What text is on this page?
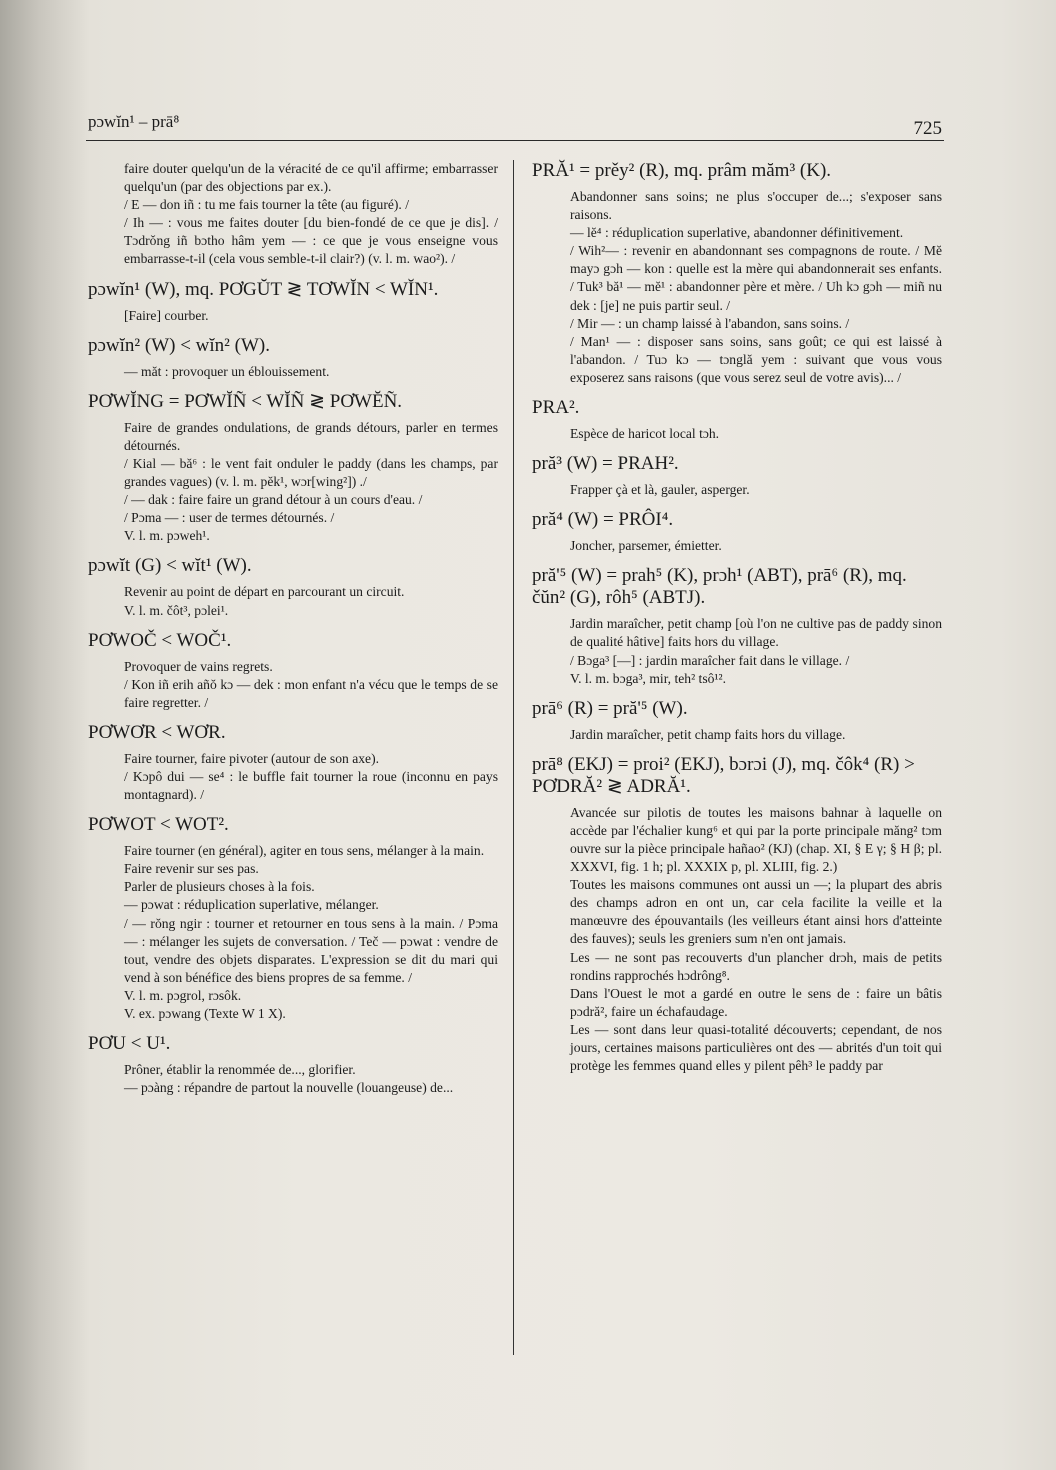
pɔwĭn¹ – prā⁸	725

faire douter quelqu'un de la véracité de ce qu'il affirme; embarrasser quelqu'un (par des objections par ex.).

/ E — don iñ : tu me fais tourner la tête (au figuré). /

/ Ih — : vous me faites douter [du bien-fondé de ce que je dis]. / Tɔdrǒng iñ bɔtho hâm yem — : ce que je vous enseigne vous embarrasse-t-il (cela vous semble-t-il clair?) (v. l. m. wao²). /

pɔwĭn¹ (W), mq. PƠGŬT ≷ TƠWĬN < WĬN¹.

[Faire] courber.

pɔwĭn² (W) < wĭn² (W).

— măt : provoquer un éblouissement.

PƠWĬNG = PƠWĬÑ < WĬÑ ≷ PƠWĔÑ.

Faire de grandes ondulations, de grands détours, parler en termes détournés.

/ Kial — bă⁶ : le vent fait onduler le paddy (dans les champs, par grandes vagues) (v. l. m. pĕk¹, wɔr[wing²]) ./

/ — dak : faire faire un grand détour à un cours d'eau. /

/ Pɔma — : user de termes détournés. /

V. l. m. pɔweh¹.

pɔwĭt (G) < wĭt¹ (W).

Revenir au point de départ en parcourant un circuit.

V. l. m. čôt³, pɔlei¹.

PƠWOČ < WOČ¹.

Provoquer de vains regrets.

/ Kon iñ erih añŏ kɔ — dek : mon enfant n'a vécu que le temps de se faire regretter. /

PƠWƠR < WƠR.

Faire tourner, faire pivoter (autour de son axe).

/ Kɔpô dui — se⁴ : le buffle fait tourner la roue (inconnu en pays montagnard). /

PƠWOT < WOT².

Faire tourner (en général), agiter en tous sens, mélanger à la main.

Faire revenir sur ses pas.

Parler de plusieurs choses à la fois.

— pɔwat : réduplication superlative, mélanger.

/ — rŏng ngir : tourner et retourner en tous sens à la main. / Pɔma — : mélanger les sujets de conversation. / Teč — pɔwat : vendre de tout, vendre des objets disparates. L'expression se dit du mari qui vend à son bénéfice des biens propres de sa femme. /

V. l. m. pɔgrol, rɔsôk.

V. ex. pɔwang (Texte W 1 X).

PƠU < U¹.

Prôner, établir la renommée de..., glorifier.

— pɔàng : répandre de partout la nouvelle (louangeuse) de...

PRĂ¹ = prěy² (R), mq. prâm măm³ (K).

Abandonner sans soins; ne plus s'occuper de...; s'exposer sans raisons.

— lĕ⁴ : réduplication superlative, abandonner définitivement.

/ Wih²— : revenir en abandonnant ses compagnons de route. / Mĕ mayɔ gɔh — kon : quelle est la mère qui abandonnerait ses enfants. / Tuk³ bă¹ — mĕ¹ : abandonner père et mère. / Uh kɔ gɔh — miñ nu dek : [je] ne puis partir seul. /

/ Mir — : un champ laissé à l'abandon, sans soins. /

/ Man¹ — : disposer sans soins, sans goût; ce qui est laissé à l'abandon. / Tuɔ kɔ — tɔnglă yem : suivant que vous vous exposerez sans raisons (que vous serez seul de votre avis)... /

PRA².

Espèce de haricot local tɔh.

pră³ (W) = PRAH².

Frapper çà et là, gauler, asperger.

pră⁴ (W) = PRÔI⁴.

Joncher, parsemer, émietter.

pră'⁵ (W) = prah⁵ (K), prɔh¹ (ABT), prā⁶ (R), mq. čŭn² (G), rôh⁵ (ABTJ).

Jardin maraîcher, petit champ [où l'on ne cultive pas de paddy sinon de qualité hâtive] faits hors du village.

/ Bɔga³ [—] : jardin maraîcher fait dans le village. /

V. l. m. bɔga³, mir, teh² tsô¹².

prā⁶ (R) = pră'⁵ (W).

Jardin maraîcher, petit champ faits hors du village.

prā⁸ (EKJ) = proi² (EKJ), bɔrɔi (J), mq. čôk⁴ (R) > PƠDRĂ² ≷ ADRĂ¹.

Avancée sur pilotis de toutes les maisons bahnar à laquelle on accède par l'échalier kung⁶ et qui par la porte principale măng² tɔm ouvre sur la pièce principale hañao² (KJ) (chap. XI, § E γ; § H β; pl. XXXVI, fig. 1 h; pl. XXXIX p, pl. XLIII, fig. 2.)

Toutes les maisons communes ont aussi un —; la plupart des abris des champs adron en ont un, car cela facilite la veille et la manœuvre des épouvantails (les veilleurs étant ainsi hors d'atteinte des fauves); seuls les greniers sum n'en ont jamais.

Les — ne sont pas recouverts d'un plancher drɔh, mais de petits rondins rapprochés hɔdrông⁸.

Dans l'Ouest le mot a gardé en outre le sens de : faire un bâtis pɔdră², faire un échafaudage.

Les — sont dans leur quasi-totalité découverts; cependant, de nos jours, certaines maisons particulières ont des — abrités d'un toit qui protège les femmes quand elles y pilent pêh³ le paddy par
